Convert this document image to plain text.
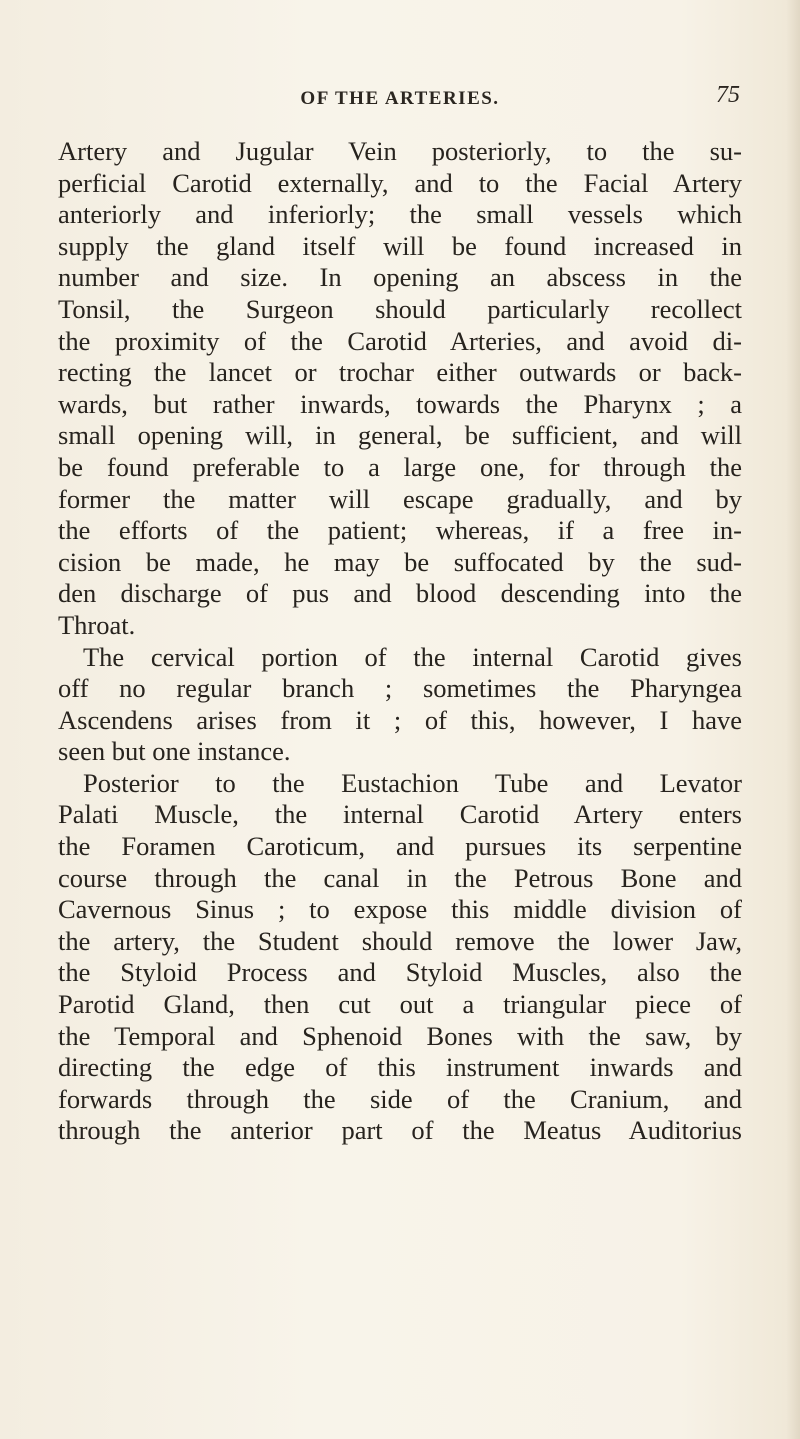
OF THE ARTERIES.	75

Artery and Jugular Vein posteriorly, to the su-

perficial Carotid externally, and to the Facial Artery

anteriorly and inferiorly; the small vessels which

supply the gland itself will be found increased in

number and size. In opening an abscess in the

Tonsil, the Surgeon should particularly recollect

the proximity of the Carotid Arteries, and avoid di-

recting the lancet or trochar either outwards or back-

wards, but rather inwards, towards the Pharynx ; a

small opening will, in general, be sufficient, and will

be found preferable to a large one, for through the

former the matter will escape gradually, and by

the efforts of the patient; whereas, if a free in-

cision be made, he may be suffocated by the sud-

den discharge of pus and blood descending into the

Throat.

The cervical portion of the internal Carotid gives

off no regular branch ; sometimes the Pharyngea

Ascendens arises from it ; of this, however, I have

seen but one instance.

Posterior to the Eustachion Tube and Levator

Palati Muscle, the internal Carotid Artery enters

the Foramen Caroticum, and pursues its serpentine

course through the canal in the Petrous Bone and

Cavernous Sinus ; to expose this middle division of

the artery, the Student should remove the lower Jaw,

the Styloid Process and Styloid Muscles, also the

Parotid Gland, then cut out a triangular piece of

the Temporal and Sphenoid Bones with the saw, by

directing the edge of this instrument inwards and

forwards through the side of the Cranium, and

through the anterior part of the Meatus Auditorius
